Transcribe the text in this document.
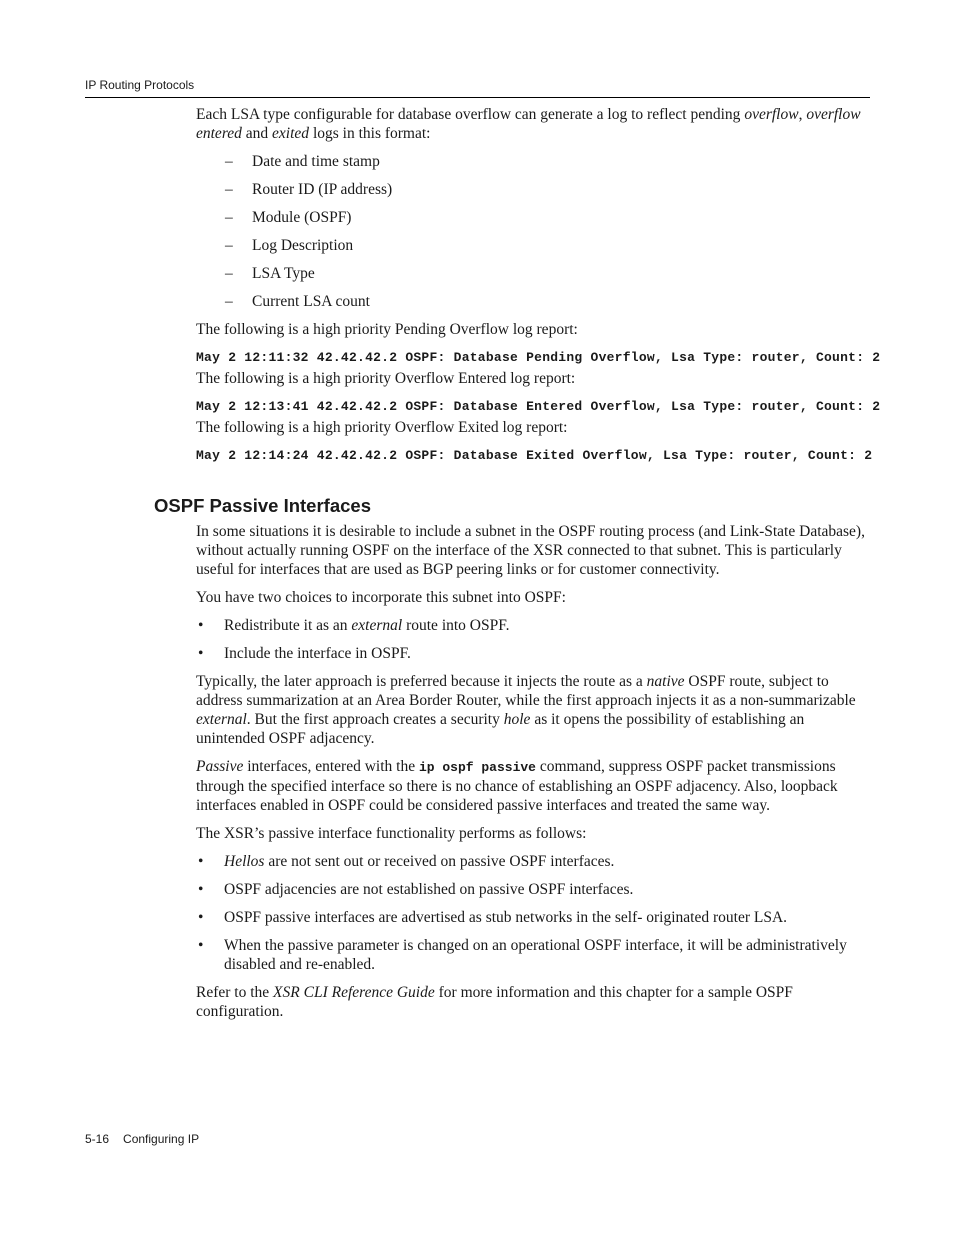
IP Routing Protocols

Each LSA type configurable for database overflow can generate a log to reflect pending overflow, overflow entered and exited logs in this format:

– Date and time stamp
– Router ID (IP address)
– Module (OSPF)
– Log Description
– LSA Type
– Current LSA count

The following is a high priority Pending Overflow log report:

May 2 12:11:32 42.42.42.2 OSPF: Database Pending Overflow, Lsa Type: router, Count: 2

The following is a high priority Overflow Entered log report:

May 2 12:13:41 42.42.42.2 OSPF: Database Entered Overflow, Lsa Type: router, Count: 2

The following is a high priority Overflow Exited log report:

May 2 12:14:24 42.42.42.2 OSPF: Database Exited Overflow, Lsa Type: router, Count: 2
OSPF Passive Interfaces

In some situations it is desirable to include a subnet in the OSPF routing process (and Link-State Database), without actually running OSPF on the interface of the XSR connected to that subnet. This is particularly useful for interfaces that are used as BGP peering links or for customer connectivity.

You have two choices to incorporate this subnet into OSPF:

• Redistribute it as an external route into OSPF.
• Include the interface in OSPF.

Typically, the later approach is preferred because it injects the route as a native OSPF route, subject to address summarization at an Area Border Router, while the first approach injects it as a non-summarizable external. But the first approach creates a security hole as it opens the possibility of establishing an unintended OSPF adjacency.

Passive interfaces, entered with the ip ospf passive command, suppress OSPF packet transmissions through the specified interface so there is no chance of establishing an OSPF adjacency. Also, loopback interfaces enabled in OSPF could be considered passive interfaces and treated the same way.

The XSR’s passive interface functionality performs as follows:

• Hellos are not sent out or received on passive OSPF interfaces.
• OSPF adjacencies are not established on passive OSPF interfaces.
• OSPF passive interfaces are advertised as stub networks in the self- originated router LSA.
• When the passive parameter is changed on an operational OSPF interface, it will be administratively disabled and re-enabled.

Refer to the XSR CLI Reference Guide for more information and this chapter for a sample OSPF configuration.

5-16 Configuring IP
